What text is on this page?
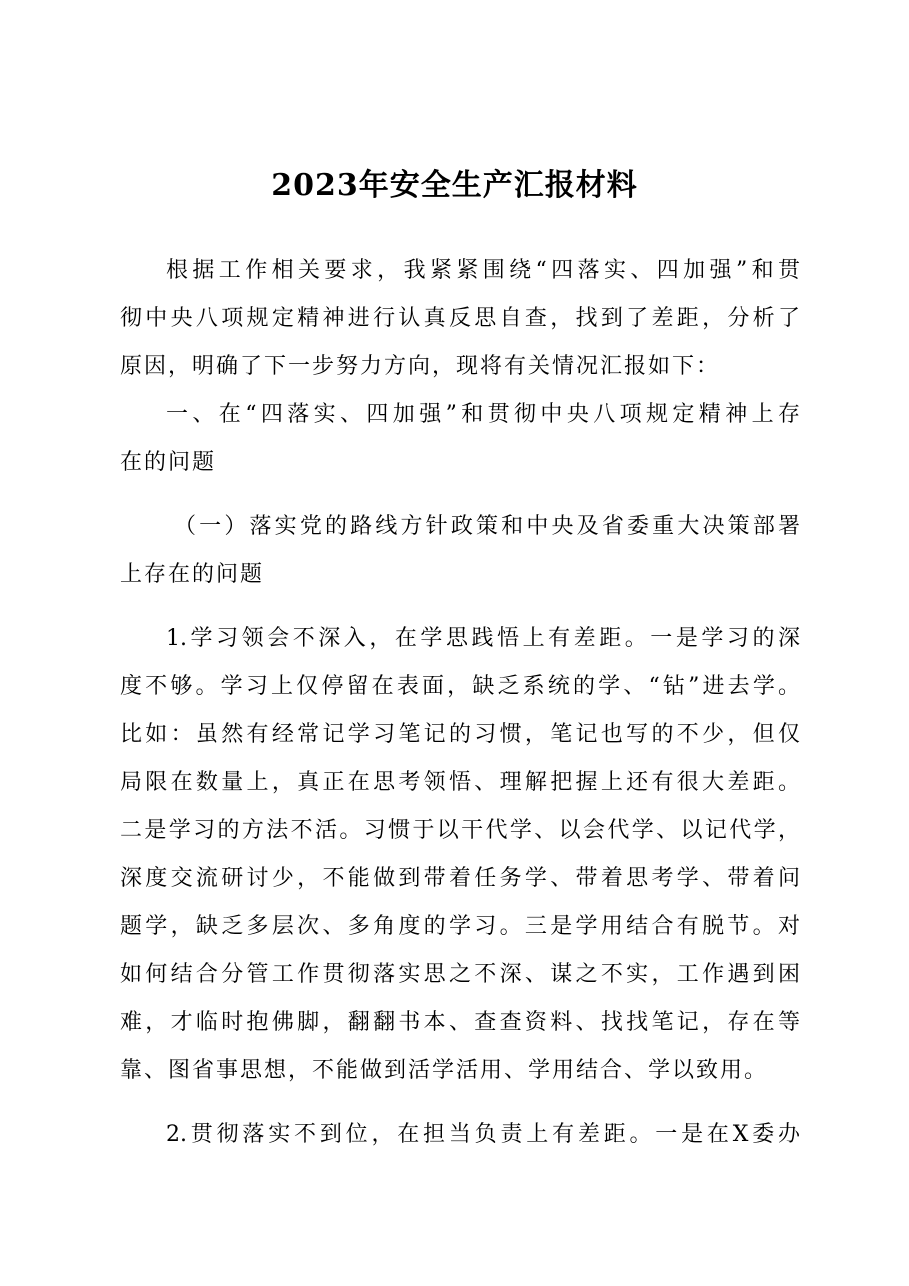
2023年安全生产汇报材料
根据工作相关要求，我紧紧围绕“四落实、四加强”和贯
彻中央八项规定精神进行认真反思自查，找到了差距，分析了
原因，明确了下一步努力方向，现将有关情况汇报如下：
一、在“四落实、四加强”和贯彻中央八项规定精神上存
在的问题
（一）落实党的路线方针政策和中央及省委重大决策部署
上存在的问题
1.学习领会不深入，在学思践悟上有差距。一是学习的深
度不够。学习上仅停留在表面，缺乏系统的学、“钻”进去学。
比如：虽然有经常记学习笔记的习惯，笔记也写的不少，但仅
局限在数量上，真正在思考领悟、理解把握上还有很大差距。
二是学习的方法不活。习惯于以干代学、以会代学、以记代学，
深度交流研讨少，不能做到带着任务学、带着思考学、带着问
题学，缺乏多层次、多角度的学习。三是学用结合有脱节。对
如何结合分管工作贯彻落实思之不深、谋之不实，工作遇到困
难，才临时抱佛脚，翻翻书本、查查资料、找找笔记，存在等
靠、图省事思想，不能做到活学活用、学用结合、学以致用。
2.贯彻落实不到位，在担当负责上有差距。一是在X委办
